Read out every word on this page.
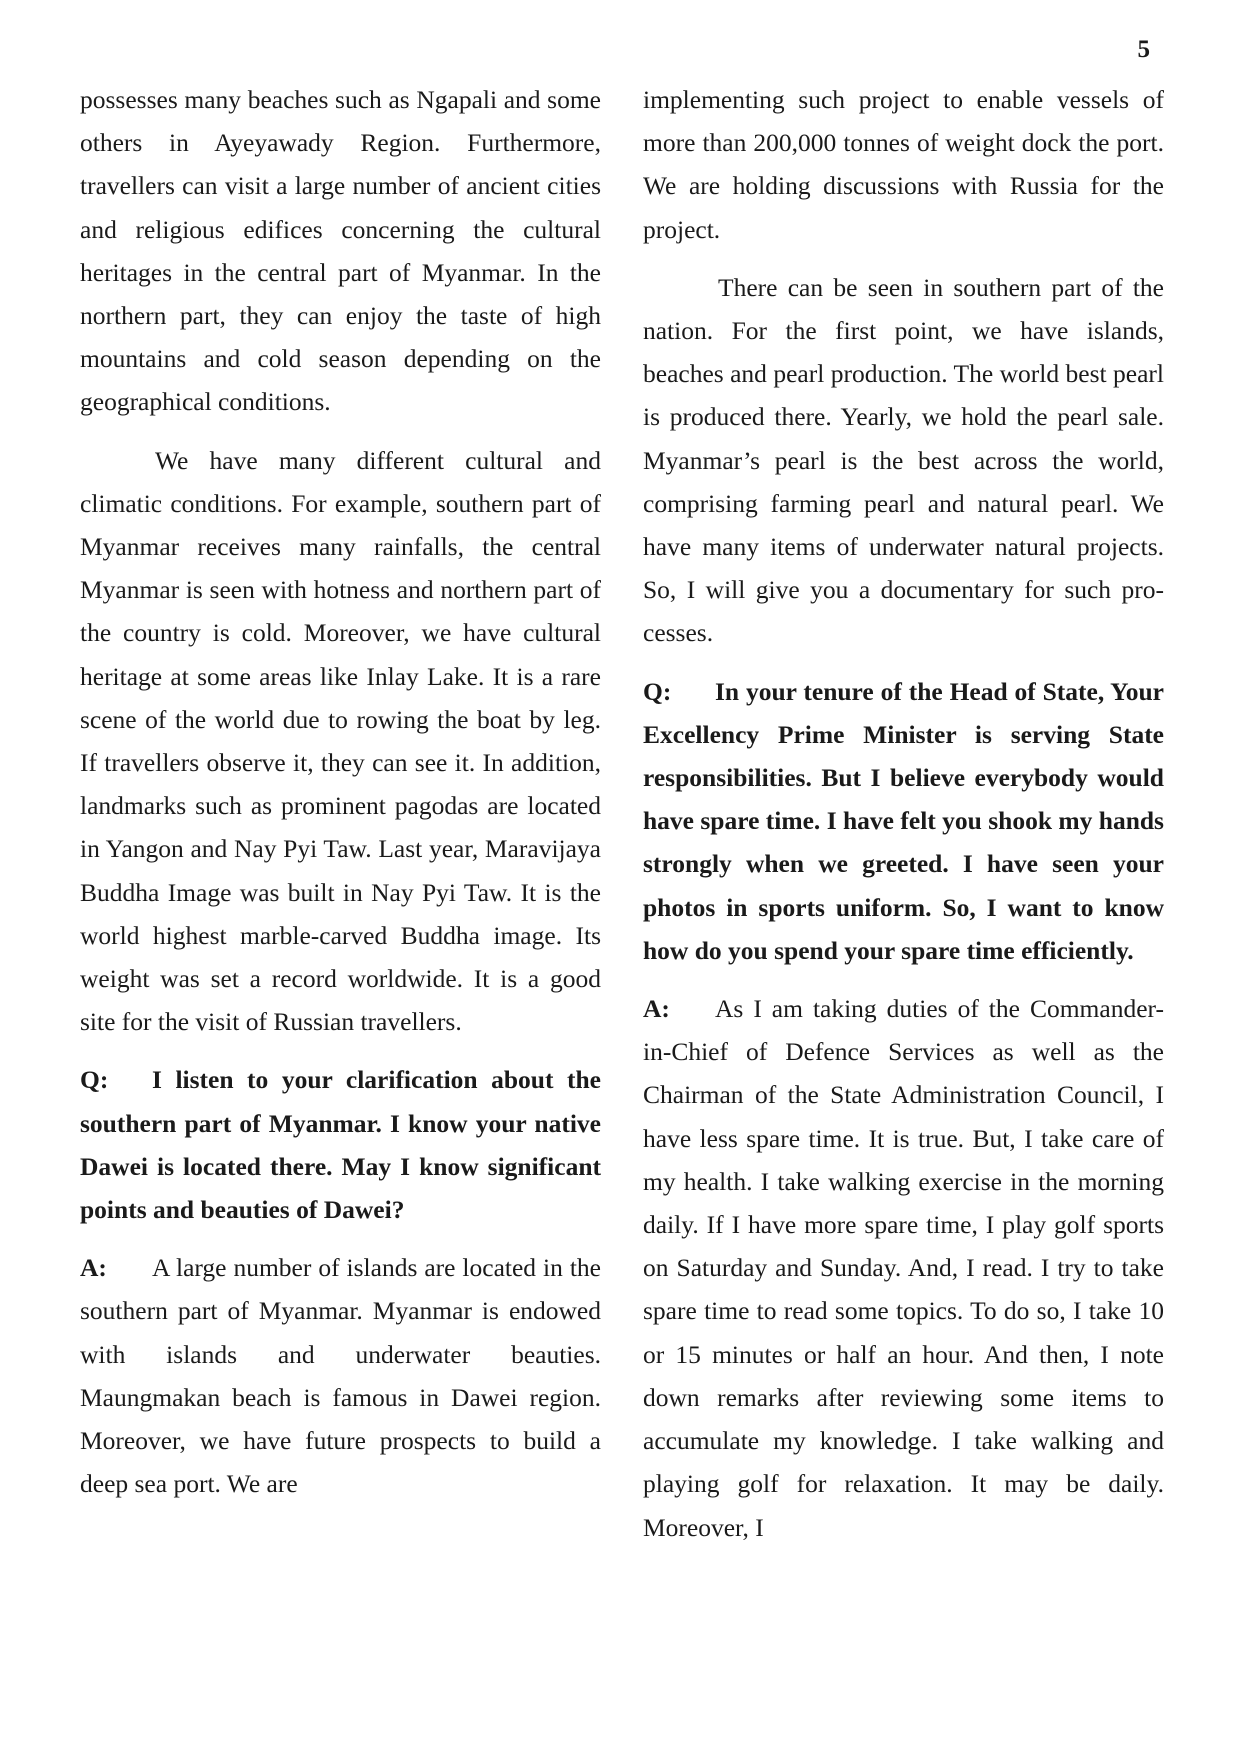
5

possesses many beaches such as Ngapali and some others in Ayeyawady Region. Furthermore, travellers can visit a large number of ancient cities and religious edifices concerning the cultural heritages in the central part of Myanmar. In the northern part, they can enjoy the taste of high mountains and cold season depending on the geographical conditions.

We have many different cultural and climatic conditions. For example, southern part of Myanmar receives many rainfalls, the central Myanmar is seen with hotness and northern part of the country is cold. Moreover, we have cultural heritage at some areas like Inlay Lake. It is a rare scene of the world due to rowing the boat by leg. If travellers observe it, they can see it. In addition, landmarks such as prominent pagodas are located in Yangon and Nay Pyi Taw. Last year, Maravijaya Buddha Image was built in Nay Pyi Taw. It is the world highest marble-carved Buddha image. Its weight was set a record worldwide. It is a good site for the visit of Russian travellers.

Q: I listen to your clarification about the southern part of Myanmar. I know your native Dawei is located there. May I know significant points and beauties of Dawei?

A: A large number of islands are located in the southern part of Myanmar. Myanmar is endowed with islands and underwater beauties. Maungmakan beach is famous in Dawei region. Moreover, we have future prospects to build a deep sea port. We are

implementing such project to enable vessels of more than 200,000 tonnes of weight dock the port. We are holding discussions with Russia for the project.

There can be seen in southern part of the nation. For the first point, we have islands, beaches and pearl production. The world best pearl is produced there. Yearly, we hold the pearl sale. Myanmar’s pearl is the best across the world, comprising farming pearl and natural pearl. We have many items of underwater natural projects. So, I will give you a documentary for such processes.

Q: In your tenure of the Head of State, Your Excellency Prime Minister is serving State responsibilities. But I believe everybody would have spare time. I have felt you shook my hands strongly when we greeted. I have seen your photos in sports uniform. So, I want to know how do you spend your spare time efficiently.

A: As I am taking duties of the Commander-in-Chief of Defence Services as well as the Chairman of the State Administration Council, I have less spare time. It is true. But, I take care of my health. I take walking exercise in the morning daily. If I have more spare time, I play golf sports on Saturday and Sunday. And, I read. I try to take spare time to read some topics. To do so, I take 10 or 15 minutes or half an hour. And then, I note down remarks after reviewing some items to accumulate my knowledge. I take walking and playing golf for relaxation. It may be daily. Moreover, I
